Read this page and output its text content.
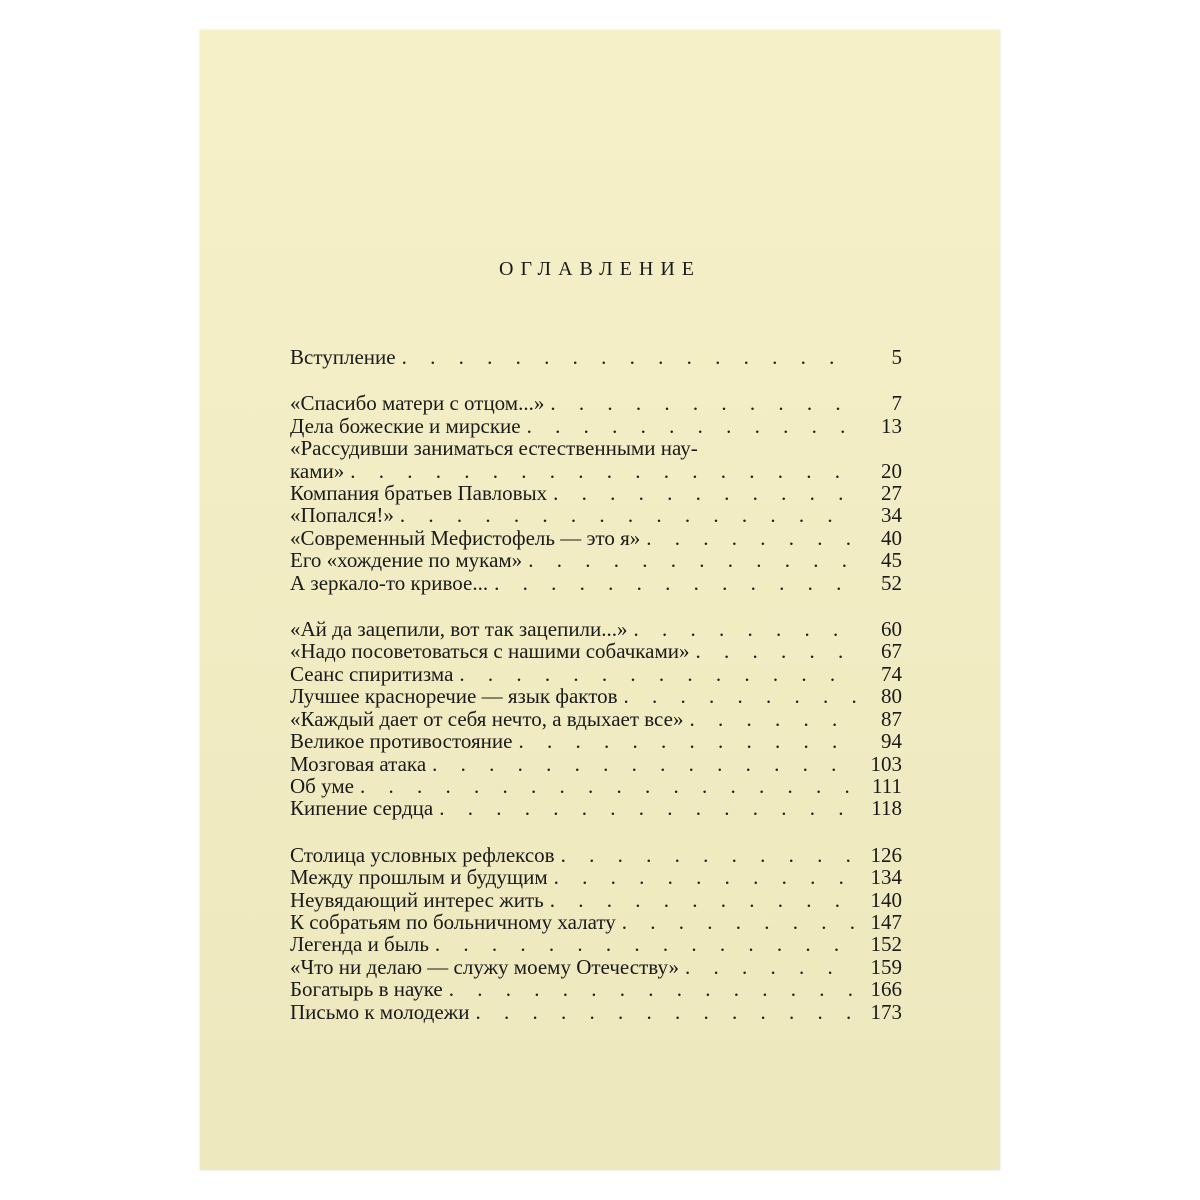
ОГЛАВЛЕНИЕ
Вступление . . .	5
«Спасибо матери с отцом...» . . .	7
Дела божеские и мирские . . .	13
«Рассудивши заниматься естественными нау-
ками» . . .	20
Компания братьев Павловых . . .	27
«Попался!» . . .	34
«Современный Мефистофель — это я» . . .	40
Его «хождение по мукам» . . .	45
А зеркало-то кривое... . . .	52
«Ай да зацепили, вот так зацепили...» . . .	60
«Надо посоветоваться с нашими собачками» . . .	67
Сеанс спиритизма . . .	74
Лучшее красноречие — язык фактов . . .	80
«Каждый дает от себя нечто, а вдыхает все» . . .	87
Великое противостояние . . .	94
Мозговая атака . . .	103
Об уме . . .	111
Кипение сердца . . .	118
Столица условных рефлексов . . .	126
Между прошлым и будущим . . .	134
Неувядающий интерес жить . . .	140
К собратьям по больничному халату . . .	147
Легенда и быль . . .	152
«Что ни делаю — служу моему Отечеству» . . .	159
Богатырь в науке . . .	166
Письмо к молодежи . . .	173
